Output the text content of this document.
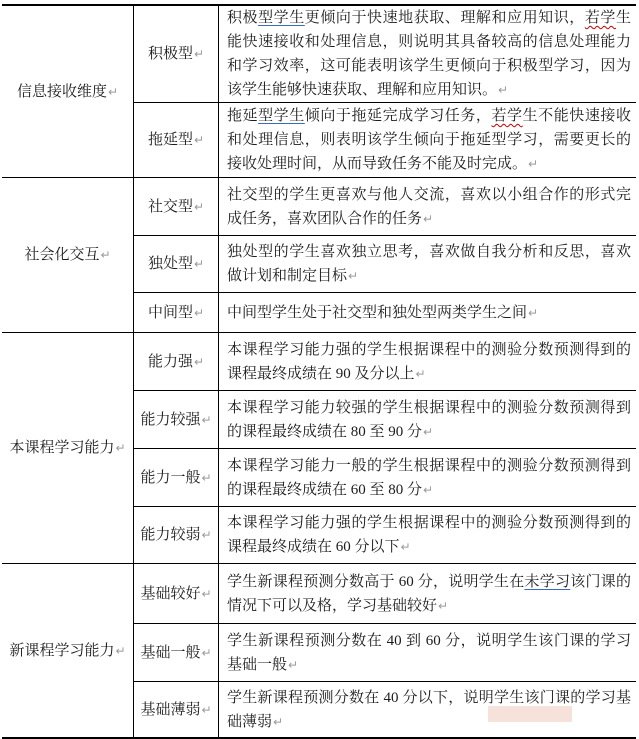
信息接收维度↵
积极型↵
积极型学生更倾向于快速地获取、理解和应用知识，若学生能快速接收和处理信息，则说明其具备较高的信息处理能力和学习效率，这可能表明该学生更倾向于积极型学习，因为该学生能够快速获取、理解和应用知识。↵
拖延型↵
拖延型学生倾向于拖延完成学习任务，若学生不能快速接收和处理信息，则表明该学生倾向于拖延型学习，需要更长的接收处理时间，从而导致任务不能及时完成。↵
社会化交互↵
社交型↵
社交型的学生更喜欢与他人交流，喜欢以小组合作的形式完成任务，喜欢团队合作的任务↵
独处型↵
独处型的学生喜欢独立思考，喜欢做自我分析和反思，喜欢做计划和制定目标↵
中间型↵ 中间型学生处于社交型和独处型两类学生之间↵
本课程学习能力↵
能力强↵
本课程学习能力强的学生根据课程中的测验分数预测得到的课程最终成绩在 90 及分以上↵
能力较强↵
本课程学习能力较强的学生根据课程中的测验分数预测得到的课程最终成绩在 80 至 90 分↵
能力一般↵
本课程学习能力一般的学生根据课程中的测验分数预测得到的课程最终成绩在 60 至 80 分↵
能力较弱↵
本课程学习能力强的学生根据课程中的测验分数预测得到的课程最终成绩在 60 分以下↵
新课程学习能力↵
基础较好↵
学生新课程预测分数高于 60 分，说明学生在未学习该门课的情况下可以及格，学习基础较好↵
基础一般↵
学生新课程预测分数在 40 到 60 分，说明学生该门课的学习基础一般↵
基础薄弱↵
学生新课程预测分数在 40 分以下，说明学生该门课的学习基础薄弱↵
